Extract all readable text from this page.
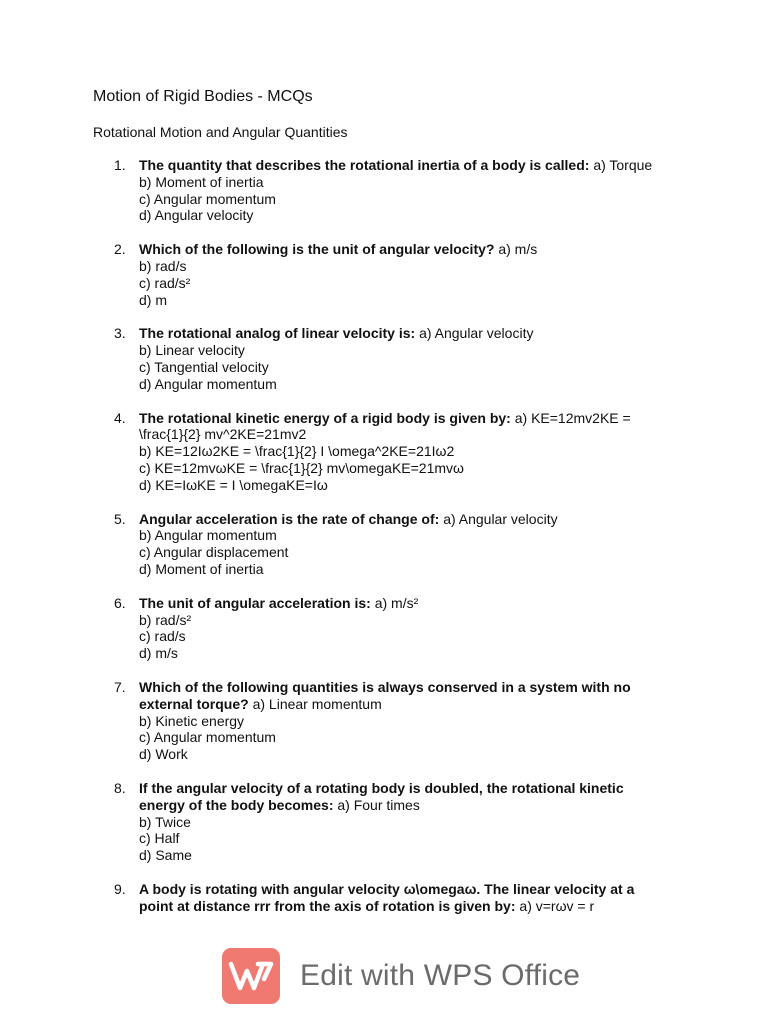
Motion of Rigid Bodies - MCQs
Rotational Motion and Angular Quantities
1. The quantity that describes the rotational inertia of a body is called: a) Torque
b) Moment of inertia
c) Angular momentum
d) Angular velocity
2. Which of the following is the unit of angular velocity? a) m/s
b) rad/s
c) rad/s²
d) m
3. The rotational analog of linear velocity is: a) Angular velocity
b) Linear velocity
c) Tangential velocity
d) Angular momentum
4. The rotational kinetic energy of a rigid body is given by: a) KE=12mv2KE = \frac{1}{2} mv^2KE=21mv2
b) KE=12Iω2KE = \frac{1}{2} I \omega^2KE=21Iω2
c) KE=12mvωKE = \frac{1}{2} mv\omegaKE=21mvω
d) KE=IωKE = I \omegaKE=Iω
5. Angular acceleration is the rate of change of: a) Angular velocity
b) Angular momentum
c) Angular displacement
d) Moment of inertia
6. The unit of angular acceleration is: a) m/s²
b) rad/s²
c) rad/s
d) m/s
7. Which of the following quantities is always conserved in a system with no external torque? a) Linear momentum
b) Kinetic energy
c) Angular momentum
d) Work
8. If the angular velocity of a rotating body is doubled, the rotational kinetic energy of the body becomes: a) Four times
b) Twice
c) Half
d) Same
9. A body is rotating with angular velocity ω\omegaω. The linear velocity at a point at distance rrr from the axis of rotation is given by: a) v=rωv = r
Edit with WPS Office
